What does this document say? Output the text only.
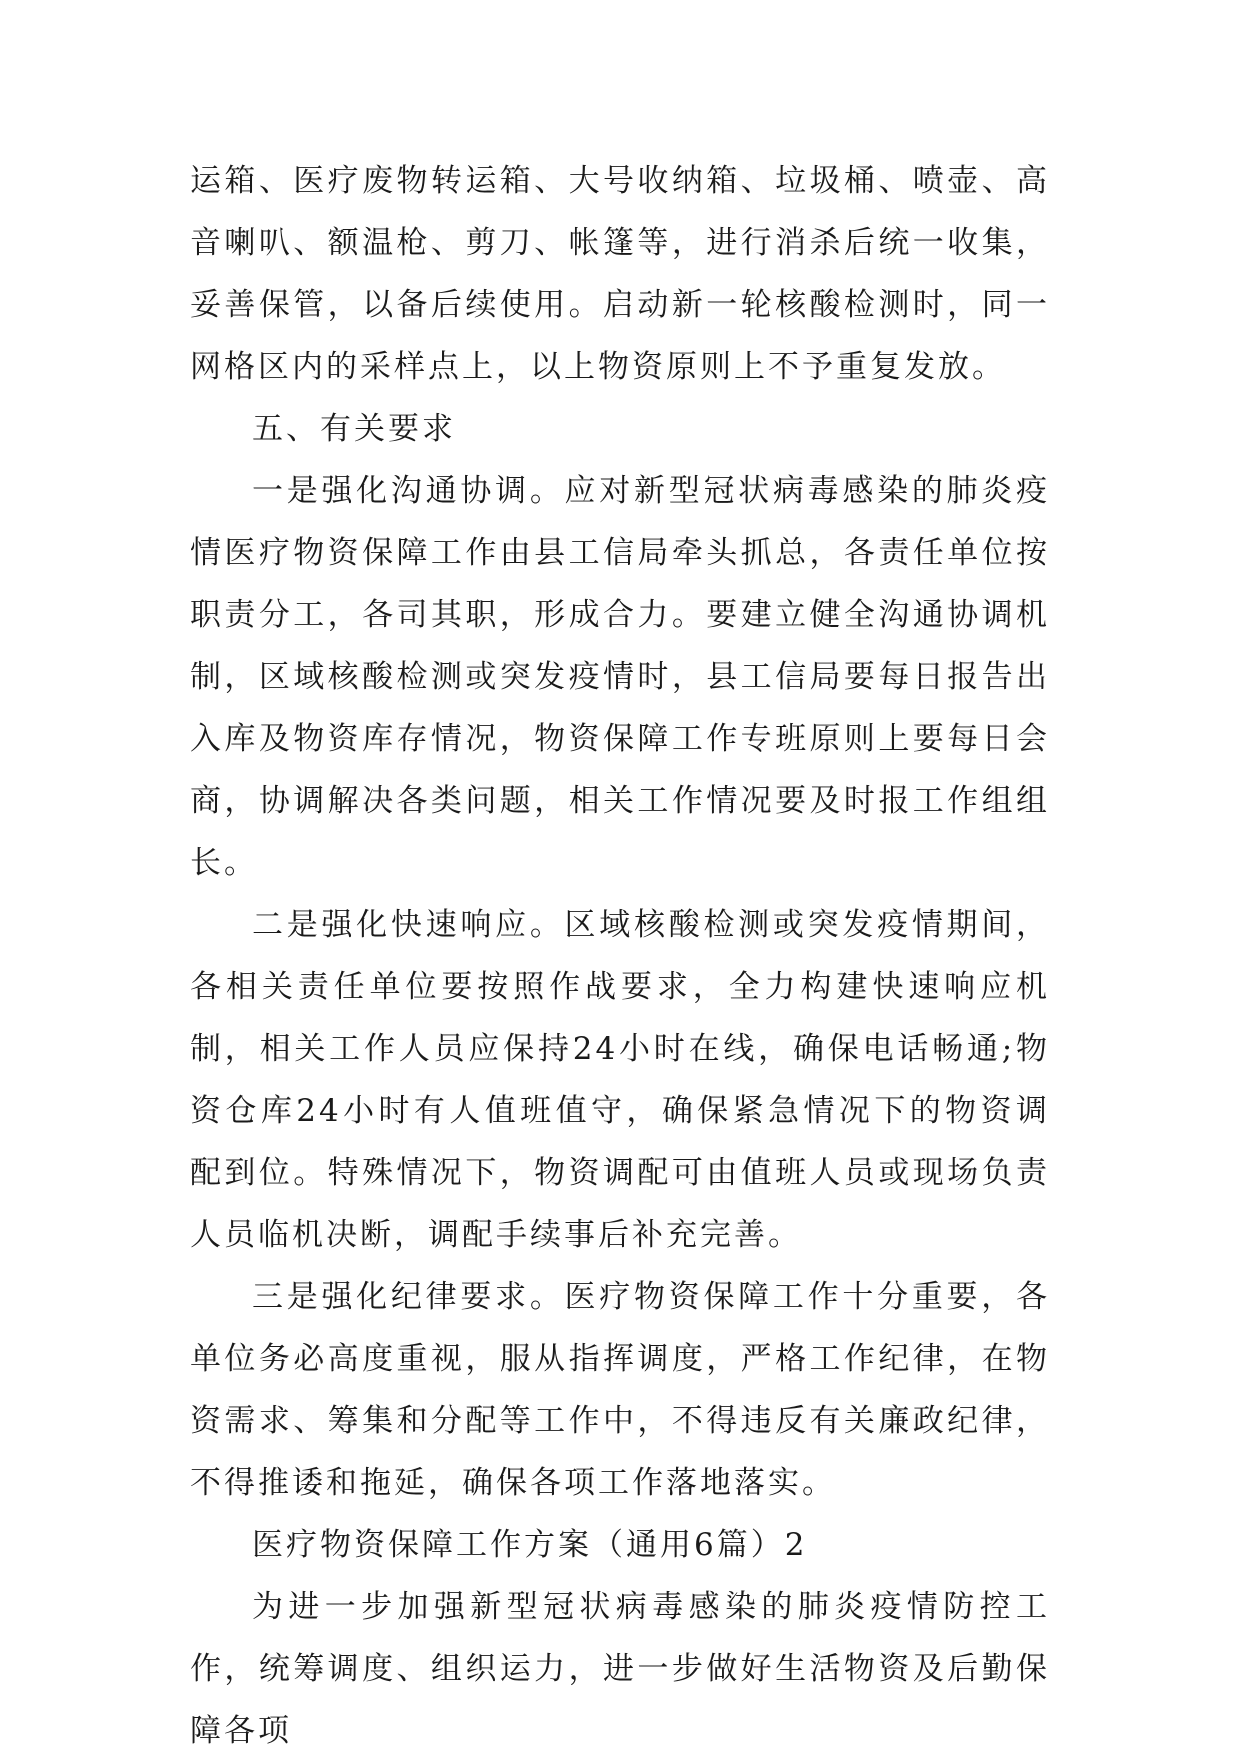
运箱、医疗废物转运箱、大号收纳箱、垃圾桶、喷壶、高音喇叭、额温枪、剪刀、帐篷等，进行消杀后统一收集，妥善保管，以备后续使用。启动新一轮核酸检测时，同一网格区内的采样点上，以上物资原则上不予重复发放。

五、有关要求

一是强化沟通协调。应对新型冠状病毒感染的肺炎疫情医疗物资保障工作由县工信局牵头抓总，各责任单位按职责分工，各司其职，形成合力。要建立健全沟通协调机制，区域核酸检测或突发疫情时，县工信局要每日报告出入库及物资库存情况，物资保障工作专班原则上要每日会商，协调解决各类问题，相关工作情况要及时报工作组组长。

二是强化快速响应。区域核酸检测或突发疫情期间，各相关责任单位要按照作战要求，全力构建快速响应机制，相关工作人员应保持24小时在线，确保电话畅通;物资仓库24小时有人值班值守，确保紧急情况下的物资调配到位。特殊情况下，物资调配可由值班人员或现场负责人员临机决断，调配手续事后补充完善。

三是强化纪律要求。医疗物资保障工作十分重要，各单位务必高度重视，服从指挥调度，严格工作纪律，在物资需求、筹集和分配等工作中，不得违反有关廉政纪律，不得推诿和拖延，确保各项工作落地落实。

医疗物资保障工作方案（通用6篇）2

为进一步加强新型冠状病毒感染的肺炎疫情防控工作，统筹调度、组织运力，进一步做好生活物资及后勤保障各项
